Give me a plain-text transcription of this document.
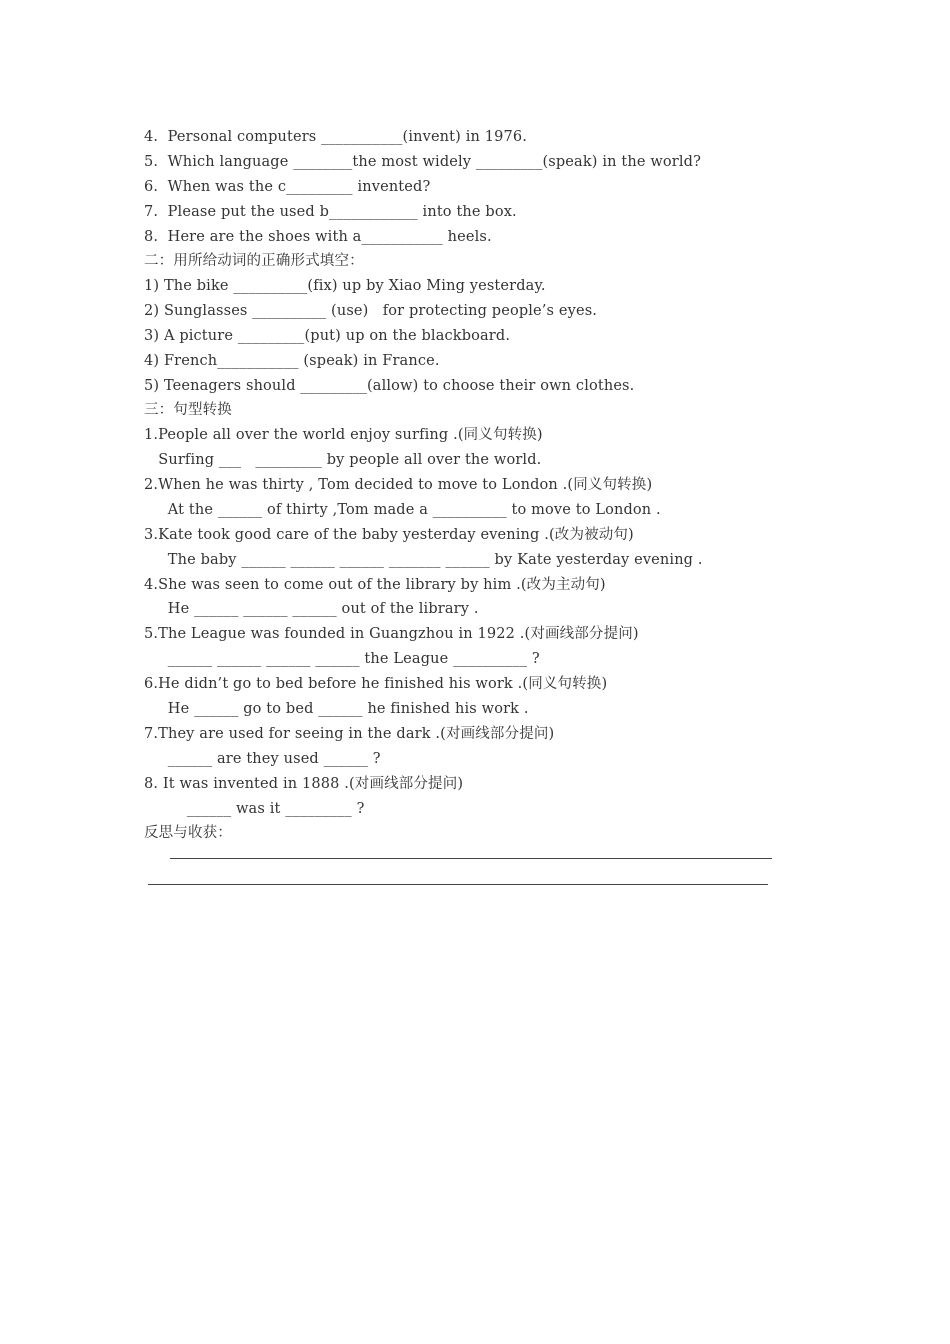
4.  Personal computers ___________(invent) in 1976.
5.  Which language ________the most widely _________(speak) in the world?
6.  When was the c_________ invented?
7.  Please put the used b____________ into the box.
8.  Here are the shoes with a___________ heels.
二：用所给动词的正确形式填空：
1) The bike __________(fix) up by Xiao Ming yesterday.
2) Sunglasses __________ (use)   for protecting people’s eyes.
3) A picture _________(put) up on the blackboard.
4) French___________ (speak) in France.
5) Teenagers should _________(allow) to choose their own clothes.
三：句型转换
1.People all over the world enjoy surfing .(同义句转换)
Surfing ___   _________ by people all over the world.
2.When he was thirty , Tom decided to move to London .(同义句转换)
At the ______ of thirty ,Tom made a __________ to move to London .
3.Kate took good care of the baby yesterday evening .(改为被动句)
The baby ______ ______ ______ _______ ______ by Kate yesterday evening .
4.She was seen to come out of the library by him .(改为主动句)
He ______ ______ ______ out of the library .
5.The League was founded in Guangzhou in 1922 .(对画线部分提问)
______ ______ ______ ______ the League __________ ?
6.He didn’t go to bed before he finished his work .(同义句转换)
He ______ go to bed ______ he finished his work .
7.They are used for seeing in the dark .(对画线部分提问)
______ are they used ______ ?
8. It was invented in 1888 .(对画线部分提问)
______ was it _________ ?
反思与收获：
